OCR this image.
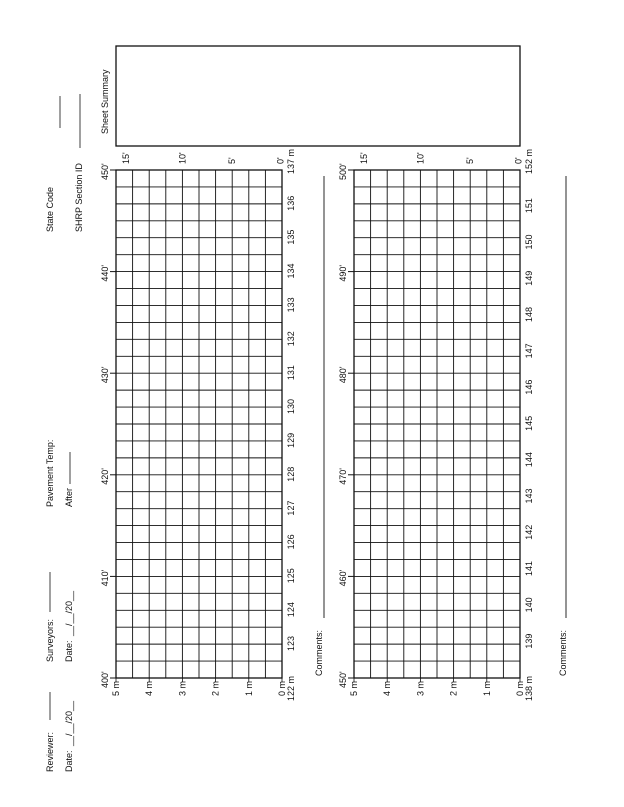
Reviewer: Date:
__/__/20__
Surveyors: Date:
__/__/20__
Pavement Temp: After
State Code SHRP Section ID
Sheet Summary
5 m	4 m	3 m	2 m	1 m	0 m
15'	10'	5'	0'
400'
410'
420'
430'
440'
450'
122 m
123
124
125
126
127
128
129
130
131
132
133
134
135
136
137 m
Comments:
5 m	4 m	3 m	2 m	1 m	0 m
15'	10'	5'	0'
450'
460'
470'
480'
490'
500'
138 m
139
140
141
142
143
144
145
146
147
148
149
150
151
152 m
Comments:
